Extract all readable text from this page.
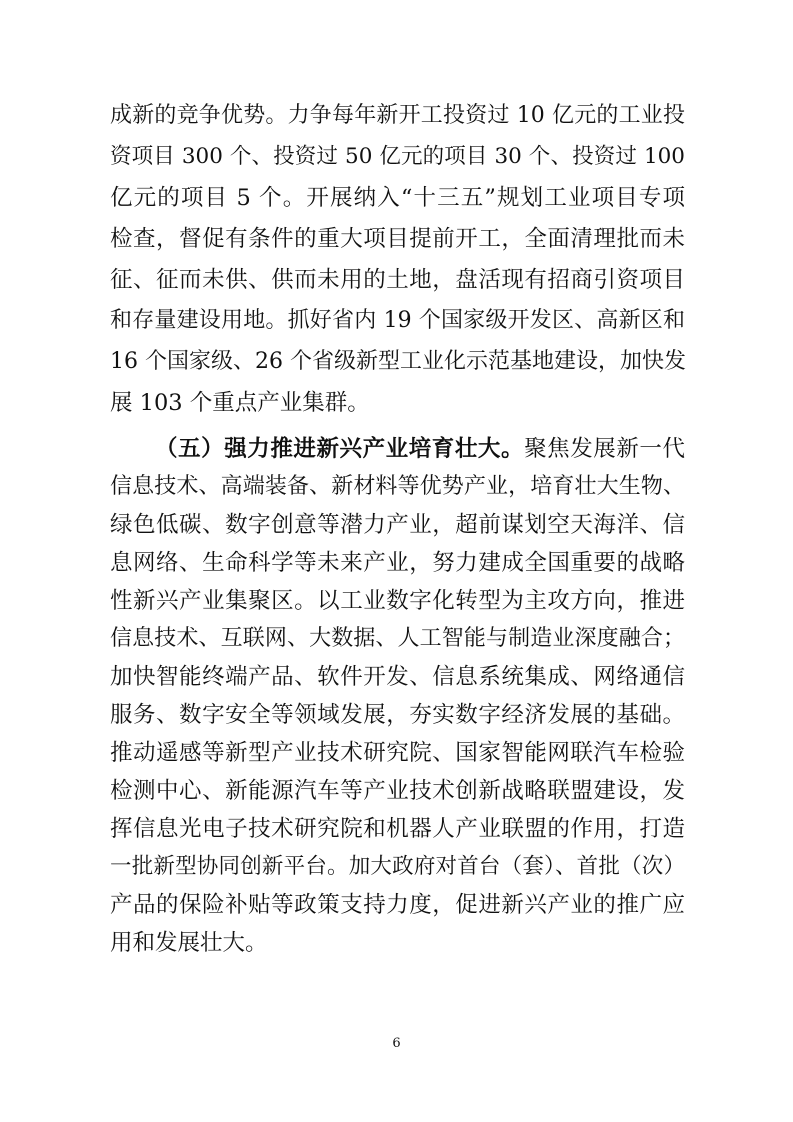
成新的竞争优势。力争每年新开工投资过 10 亿元的工业投
资项目 300 个、投资过 50 亿元的项目 30 个、投资过 100
亿元的项目 5 个。开展纳入“十三五”规划工业项目专项
检查，督促有条件的重大项目提前开工，全面清理批而未
征、征而未供、供而未用的土地，盘活现有招商引资项目
和存量建设用地。抓好省内 19 个国家级开发区、高新区和
16 个国家级、26 个省级新型工业化示范基地建设，加快发
展 103 个重点产业集群。
（五）强力推进新兴产业培育壮大。聚焦发展新一代
信息技术、高端装备、新材料等优势产业，培育壮大生物、
绿色低碳、数字创意等潜力产业，超前谋划空天海洋、信
息网络、生命科学等未来产业，努力建成全国重要的战略
性新兴产业集聚区。以工业数字化转型为主攻方向，推进
信息技术、互联网、大数据、人工智能与制造业深度融合；
加快智能终端产品、软件开发、信息系统集成、网络通信
服务、数字安全等领域发展，夯实数字经济发展的基础。
推动遥感等新型产业技术研究院、国家智能网联汽车检验
检测中心、新能源汽车等产业技术创新战略联盟建设，发
挥信息光电子技术研究院和机器人产业联盟的作用，打造
一批新型协同创新平台。加大政府对首台（套）、首批（次）
产品的保险补贴等政策支持力度，促进新兴产业的推广应
用和发展壮大。
6
